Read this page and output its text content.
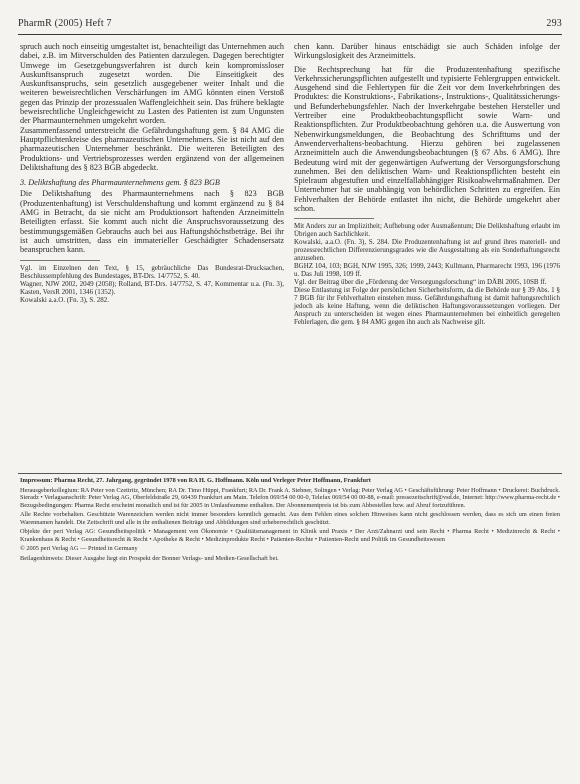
PharmR (2005) Heft 7	293

spruch auch noch einseitig umgestaltet ist, benachteiligt das Unternehmen auch dabei, z.B. im Mitverschulden des Patienten darzulegen. Dagegen berechtigter Umwege im Gesetzgebungsverfahren ist durch kein kompromissloser Auskunftsanspruch zugesetzt worden. Die Einseitigkeit des Auskunftsanspruchs, sein gesetzlich ausgegebener weiter Inhalt und die weiteren beweisrechtlichen Verschärfungen im AMG könnten einen Verstoß gegen das Prinzip der prozessualen Waffengleichheit sein. Das frühere beklagte beweisrechtliche Ungleichgewicht zu Lasten des Patienten ist zum Ungunsten der Pharmaunternehmen umgekehrt worden.

Zusammenfassend unterstreicht die Gefährdungshaftung gem. § 84 AMG die Hauptpflichtenkreise des pharmazeutischen Unternehmers. Sie ist nicht auf den pharmazeutischen Unternehmer beschränkt. Die weiteren Beteiligten des Produktions- und Vertriebsprozesses werden ergänzend von der allgemeinen Deliktshaftung des § 823 BGB abgedeckt.

3. Deliktshaftung des Pharmaunternehmens gem. § 823 BGB

Die Deliktshaftung des Pharmaunternehmens nach § 823 BGB (Produzentenhaftung) ist Verschuldenshaftung und kommt ergänzend zu § 84 AMG in Betracht, da sie nicht am Produktionsort haftenden Arzneimitteln Beteiligten erfasst. Sie kommt auch nicht die Anspruchsvoraussetzung des bestimmungsgemäßen Gebrauchs auch bei aus Haftungshöchstbeträge. Bei ihr ist auch umstritten, dass ein immaterieller Geschädigter Schadensersatz beanspruchen kann.

Vgl. im Einzelnen den Text, § 15, gebräuchliche Das Bundesrat-Drucksachen, Beschlussempfehlung des Bundestages, BT-Drs. 14/7752, S. 40.

Wagner, NJW 2002, 2049 (2058); Rolland, BT-Drs. 14/7752, S. 47, Kommentar u.a. (Fn. 3), Kasten, VersR 2001, 1346 (1352).

Kowalski a.a.O. (Fn. 3), S. 282.

chen kann. Darüber hinaus entschädigt sie auch Schäden infolge der Wirkungslosigkeit des Arzneimittels.

Die Rechtsprechung hat für die Produzentenhaftung spezifische Verkehrssicherungspflichten aufgestellt und typisierte Fehlergruppen entwickelt. Ausgehend sind die Fehlertypen für die Zeit vor dem Inverkehrbringen des Produktes: die Konstruktions-, Fabrikations-, Instruktions-, Qualitätssicherungs- und Befunderhebungsfehler. Nach der Inverkehrgabe bestehen Hersteller und Vertreiber eine Produktbeobachtungspflicht sowie Warn- und Reaktionspflichten. Zur Produktbeobachtung gehören u.a. die Auswertung von Nebenwirkungsmeldungen, die Beobachtung des Schrifttums und der Anwenderverhaltens-beobachtung. Hierzu gehören bei zugelassenen Arzneimitteln auch die Anwendungsbeobachtungen (§ 67 Abs. 6 AMG). Ihre Bedeutung wird mit der gegenwärtigen Aufwertung der Versorgungsforschung zunehmen. Bei den deliktischen Warn- und Reaktionspflichten besteht ein Spielraum abgestuften und einzelfallabhängiger Risikoabwehrmaßnahmen. Der Unternehmer hat sie unabhängig von behördlichen Schritten zu ergreifen. Ein Fehlverhalten der Behörde entlastet ihn nicht, die Behörde umgekehrt aber schon.

Mit Anders zur an Implizitheit; Aufhebung oder Ausmaßentum; Die Deliktshaftung erlaubt im Übrigen auch Sachlichkeit.

Kowalski, a.a.O. (Fn. 3), S. 284. Die Produzentenhaftung ist auf grund ihres materiell- und prozessrechtlichen Differenzierungsgrades wie die Ausgestaltung als ein Sonderhaftungsrecht anzusehen.

BGHZ 104, 103; BGH, NJW 1995, 326; 1999, 2443; Kullmann, Pharmarecht 1993, 196 (1976 u. Das Juli 1998, 109 ff.

Vgl. der Beitrag über die „Förderung der Versorgungsforschung“ im DÄBl 2005, 10SB ff.

Diese Entlastung ist Folge der persönlichen Sicherheitsform, da die Behörde nur § 39 Abs. 1 § 7 BGB für ihr Fehlverhalten einstehen muss. Gefährdungshaftung ist damit haftungsrechtlich jedoch als keine Haftung, wenn die deliktischen Haftungsvoraussetzungen vorliegen. Der Anspruch zu unterscheiden ist wegen eines Pharmaunternehmen bei einheitlich geregelten Fehlerlagen, die gem. § 84 AMG gegen ihn auch als Nachweise gilt.

Impressum: Pharma Recht, 27. Jahrgang, gegründet 1978 von RA H. G. Hoffmann. Köln und Verleger Peter Hoffmann, Frankfurt

Herausgeberkollegium: RA Peter von Czettritz, München; RA Dr. Timo Hüppi, Frankfurt; RA Dr. Frank A. Stebner, Solingen • Verlag: Peter Verlag AG • Geschäftsführung: Peter Hoffmann • Druckerei: Buchdruck. Sieradz • Verlagsanschrift: Peter Verlag AG, Oberfeldstraße 29, 60439 Frankfurt am Main. Telefon 069/54 00 00-0, Telefax 069/54 00 00-88, e-mail: pressezeitschrift@vsd.de, Internet: http://www.pharma-recht.de • Bezugsbedingungen: Pharma Recht erscheint monatlich und ist für 2005 in Umlaufsumme enthalten. Der Abonnementpreis ist bis zum Abbestellen bzw. auf Abruf fortzuführen.

Alle Rechte vorbehalten. Geschützte Warenzeichen werden nicht immer besonders kenntlich gemacht. Aus dem Fehlen eines solchen Hinweises kann nicht geschlossen werden, dass es sich um einen freien Warennamen handelt. Die Zeitschrift und alle in ihr enthaltenen Beiträge und Abbildungen sind urheberrechtlich geschützt.

Objekte der peri Verlag AG: Gesundheitspolitik • Management von Ökonomie • Qualitätsmanagement in Klinik und Praxis • Der Arzt/Zahnarzt und sein Recht • Pharma Recht • Medizinrecht & Recht • Krankenhaus & Recht • Gesundheitsrecht & Recht • Apotheke & Recht • Medizinprodukte Recht • Patienten-Rechte • Patienten-Recht und Politik im Gesundheitswesen

© 2005 peri Verlag AG — Printed in Germany

Beilagenhinweis: Dieser Ausgabe liegt ein Prospekt der Bonner Verlags- und Medien-Gesellschaft bei.
